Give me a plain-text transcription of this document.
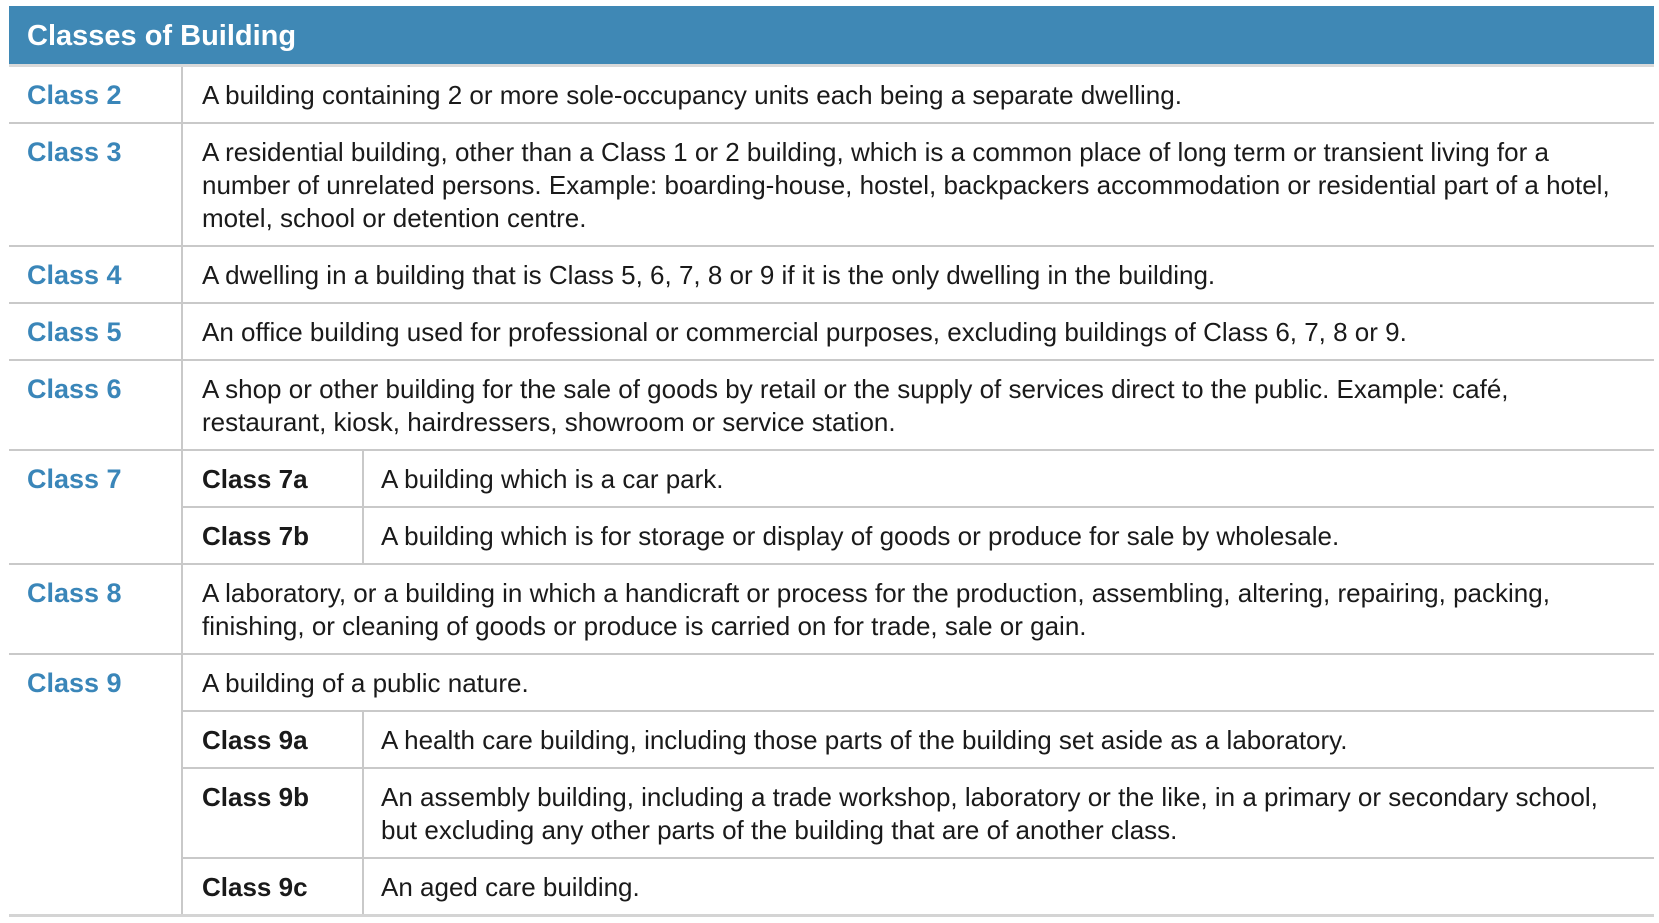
Classes of Building
Class 2	A building containing 2 or more sole-occupancy units each being a separate dwelling.
Class 3	A residential building, other than a Class 1 or 2 building, which is a common place of long term or transient living for a number of unrelated persons. Example: boarding-house, hostel, backpackers accommodation or residential part of a hotel, motel, school or detention centre.
Class 4	A dwelling in a building that is Class 5, 6, 7, 8 or 9 if it is the only dwelling in the building.
Class 5	An office building used for professional or commercial purposes, excluding buildings of Class 6, 7, 8 or 9.
Class 6	A shop or other building for the sale of goods by retail or the supply of services direct to the public. Example: café, restaurant, kiosk, hairdressers, showroom or service station.
Class 7	Class 7a	A building which is a car park.
Class 7b	A building which is for storage or display of goods or produce for sale by wholesale.
Class 8	A laboratory, or a building in which a handicraft or process for the production, assembling, altering, repairing, packing, finishing, or cleaning of goods or produce is carried on for trade, sale or gain.
Class 9	A building of a public nature.
Class 9a	A health care building, including those parts of the building set aside as a laboratory.
Class 9b	An assembly building, including a trade workshop, laboratory or the like, in a primary or secondary school, but excluding any other parts of the building that are of another class.
Class 9c	An aged care building.
